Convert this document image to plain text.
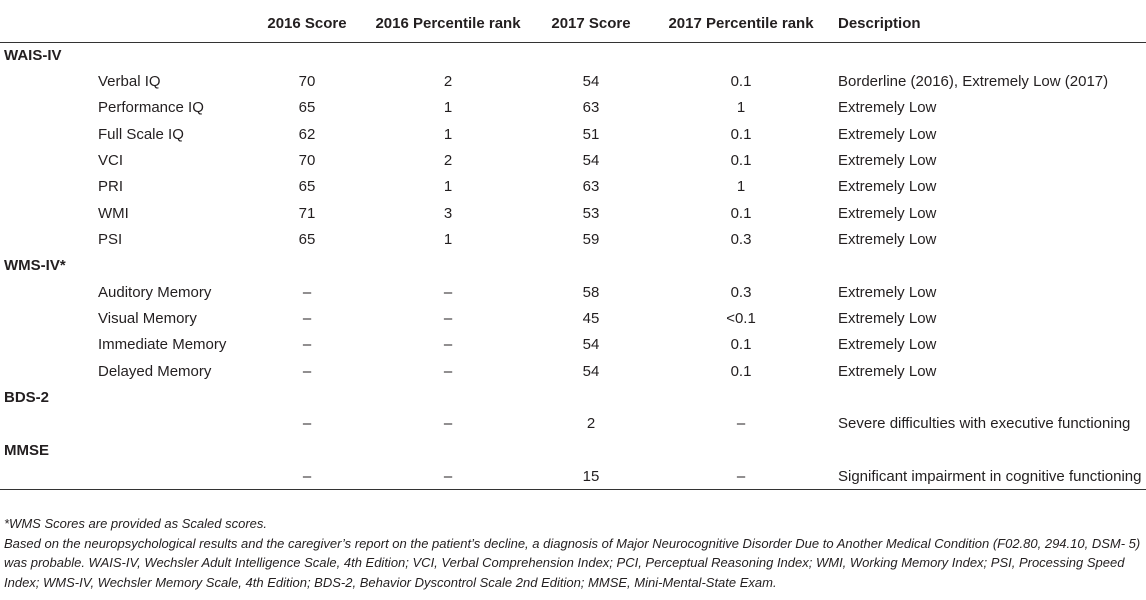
	2016 Score	2016 Percentile rank	2017 Score	2017 Percentile rank	Description
WAIS-IV					
Verbal IQ	70	2	54	0.1	Borderline (2016), Extremely Low (2017)
Performance IQ	65	1	63	1	Extremely Low
Full Scale IQ	62	1	51	0.1	Extremely Low
VCI	70	2	54	0.1	Extremely Low
PRI	65	1	63	1	Extremely Low
WMI	71	3	53	0.1	Extremely Low
PSI	65	1	59	0.3	Extremely Low
WMS-IV*					
Auditory Memory	–	–	58	0.3	Extremely Low
Visual Memory	–	–	45	<0.1	Extremely Low
Immediate Memory	–	–	54	0.1	Extremely Low
Delayed Memory	–	–	54	0.1	Extremely Low
BDS-2					
	–	–	2	–	Severe difficulties with executive functioning
MMSE					
	–	–	15	–	Significant impairment in cognitive functioning

*WMS Scores are provided as Scaled scores.

Based on the neuropsychological results and the caregiver’s report on the patient’s decline, a diagnosis of Major Neurocognitive Disorder Due to Another Medical Condition (F02.80, 294.10, DSM- 5) was probable. WAIS-IV, Wechsler Adult Intelligence Scale, 4th Edition; VCI, Verbal Comprehension Index; PCI, Perceptual Reasoning Index; WMI, Working Memory Index; PSI, Processing Speed Index; WMS-IV, Wechsler Memory Scale, 4th Edition; BDS-2, Behavior Dyscontrol Scale 2nd Edition; MMSE, Mini-Mental-State Exam.
